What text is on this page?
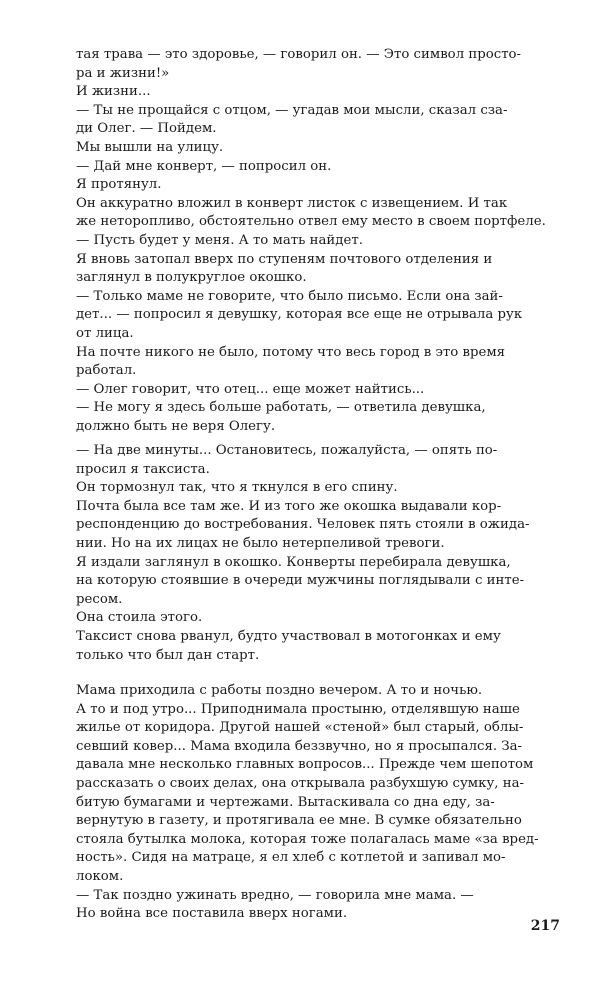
тая трава — это здоровье, — говорил он. — Это символ просто-
ра и жизни!»
И жизни...
— Ты не прощайся с отцом, — угадав мои мысли, сказал сза-
ди Олег. — Пойдем.
Мы вышли на улицу.
— Дай мне конверт, — попросил он.
Я протянул.
Он аккуратно вложил в конверт листок с извещением. И так
же неторопливо, обстоятельно отвел ему место в своем портфеле.
— Пусть будет у меня. А то мать найдет.
Я вновь затопал вверх по ступеням почтового отделения и
заглянул в полукруглое окошко.
— Только маме не говорите, что было письмо. Если она зай-
дет... — попросил я девушку, которая все еще не отрывала рук
от лица.
На почте никого не было, потому что весь город в это время
работал.
— Олег говорит, что отец... еще может найтись...
— Не могу я здесь больше работать, — ответила девушка,
должно быть не веря Олегу.
— На две минуты... Остановитесь, пожалуйста, — опять по-
просил я таксиста.
Он тормознул так, что я ткнулся в его спину.
Почта была все там же. И из того же окошка выдавали кор-
респонденцию до востребования. Человек пять стояли в ожида-
нии. Но на их лицах не было нетерпеливой тревоги.
Я издали заглянул в окошко. Конверты перебирала девушка,
на которую стоявшие в очереди мужчины поглядывали с инте-
ресом.
Она стоила этого.
Таксист снова рванул, будто участвовал в мотогонках и ему
только что был дан старт.
Мама приходила с работы поздно вечером. А то и ночью.
А то и под утро... Приподнимала простыню, отделявшую наше
жилье от коридора. Другой нашей «стеной» был старый, облы-
севший ковер... Мама входила беззвучно, но я просыпался. За-
давала мне несколько главных вопросов... Прежде чем шепотом
рассказать о своих делах, она открывала разбухшую сумку, на-
битую бумагами и чертежами. Вытаскивала со дна еду, за-
вернутую в газету, и протягивала ее мне. В сумке обязательно
стояла бутылка молока, которая тоже полагалась маме «за вред-
ность». Сидя на матраце, я ел хлеб с котлетой и запивал мо-
локом.
— Так поздно ужинать вредно, — говорила мне мама. —
Но война все поставила вверх ногами.
217
